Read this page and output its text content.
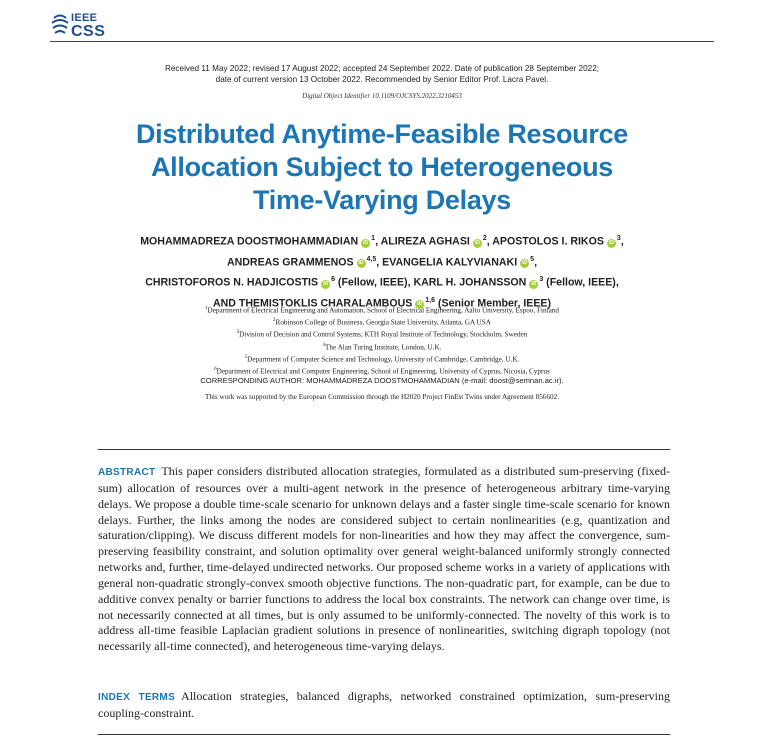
IEEE
CSS
Received 11 May 2022; revised 17 August 2022; accepted 24 September 2022. Date of publication 28 September 2022;
date of current version 13 October 2022. Recommended by Senior Editor Prof. Lacra Pavel.
Digital Object Identifier 10.1109/OJCSYS.2022.3210453
Distributed Anytime-Feasible Resource
Allocation Subject to Heterogeneous
Time-Varying Delays
MOHAMMADREZA DOOSTMOHAMMADIAN $iD^1$, ALIREZA AGHASI $iD^2$, APOSTOLOS I. RIKOS $iD^3$,
ANDREAS GRAMMENOS iD$^{4,5}$, EVANGELIA KALYVIANAKI $iD^5$,
CHRISTOFOROS N. HADJICOSTIS $iD^6$ (Fellow, IEEE), KARL H. JOHANSSON $iD^3$ (Fellow, IEEE),
AND THEMISTOKLIS CHARALAMBOUS iD$^{1,6}$ (Senior Member, IEEE)
$^1$Department of Electrical Engineering and Automation, School of Electrical Engineering, Aalto University, Espoo, Finland
$^2$Robinson College of Business, Georgia State University, Atlanta, GA USA
$^3$Division of Decision and Control Systems, KTH Royal Institute of Technology, Stockholm, Sweden
$^4$The Alan Turing Institute, London, U.K.
$^5$Department of Computer Science and Technology, University of Cambridge, Cambridge, U.K.
$^6$Department of Electrical and Computer Engineering, School of Engineering, University of Cyprus, Nicosia, Cyprus
CORRESPONDING AUTHOR: MOHAMMADREZA DOOSTMOHAMMADIAN (e-mail: doost@semnan.ac.ir).
This work was supported by the European Commission through the H2020 Project FinEst Twins under Agreement 856602.
ABSTRACT This paper considers distributed allocation strategies, formulated as a distributed sum-preserving (fixed-sum) allocation of resources over a multi-agent network in the presence of heterogeneous arbitrary time-varying delays. We propose a double time-scale scenario for unknown delays and a faster single time-scale scenario for known delays. Further, the links among the nodes are considered subject to certain nonlinearities (e.g, quantization and saturation/clipping). We discuss different models for non-linearities and how they may affect the convergence, sum-preserving feasibility constraint, and solution optimality over general weight-balanced uniformly strongly connected networks and, further, time-delayed undirected networks. Our proposed scheme works in a variety of applications with general non-quadratic strongly-convex smooth objective functions. The non-quadratic part, for example, can be due to additive convex penalty or barrier functions to address the local box constraints. The network can change over time, is not necessarily connected at all times, but is only assumed to be uniformly-connected. The novelty of this work is to address all-time feasible Laplacian gradient solutions in presence of nonlinearities, switching digraph topology (not necessarily all-time connected), and heterogeneous time-varying delays.
INDEX TERMS Allocation strategies, balanced digraphs, networked constrained optimization, sum-preserving coupling-constraint.
